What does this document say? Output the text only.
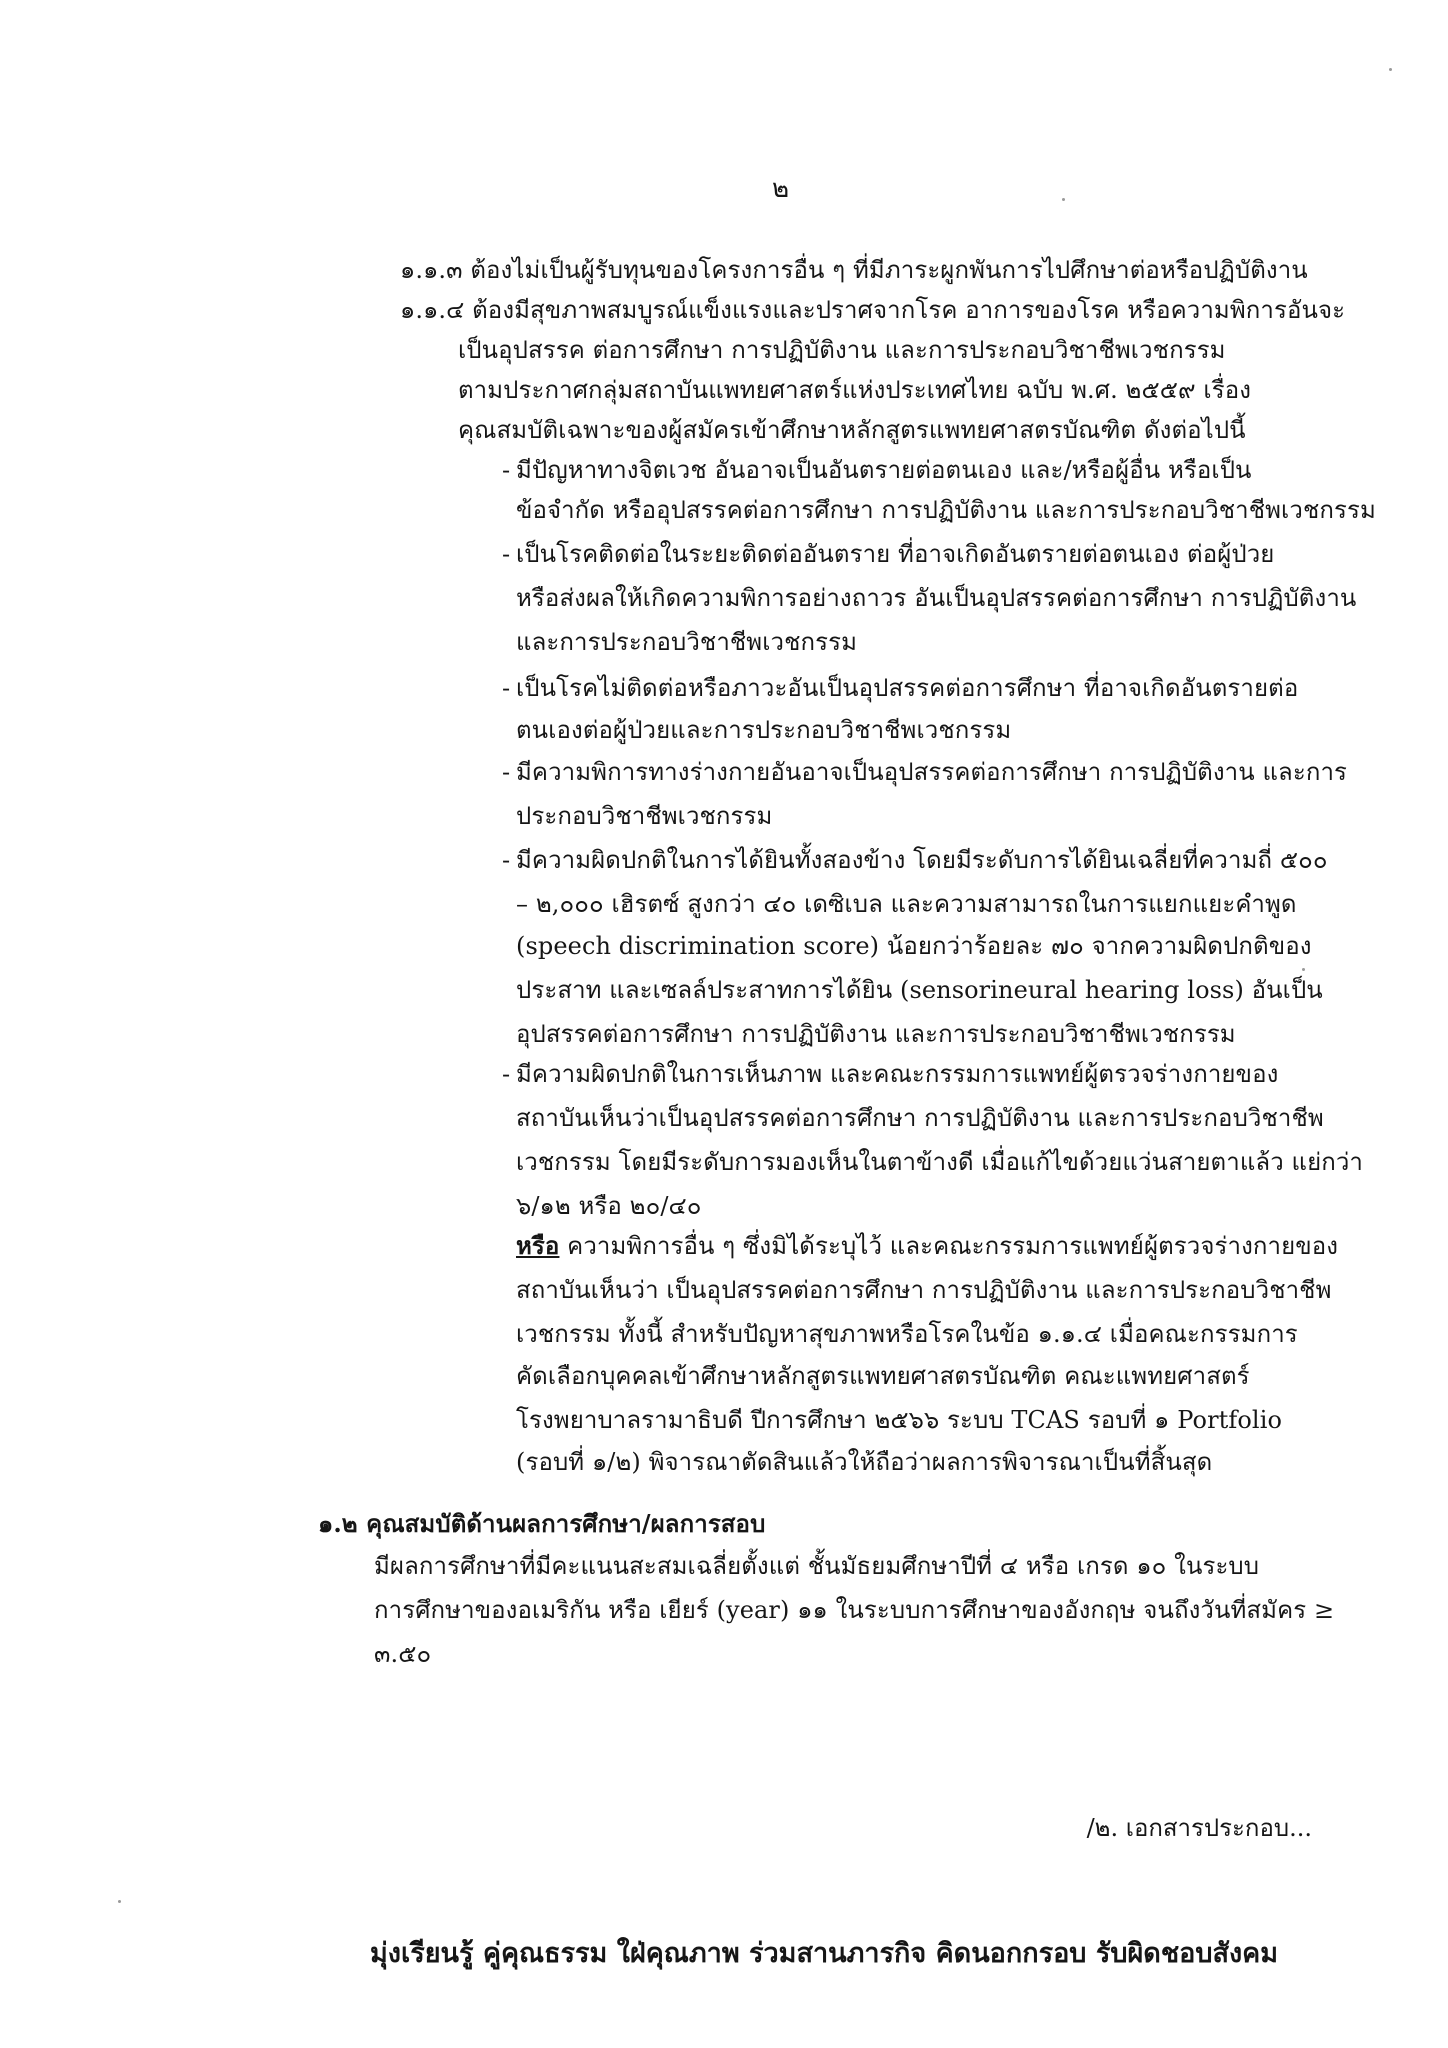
๒
๑.๑.๓ ต้องไม่เป็นผู้รับทุนของโครงการอื่น ๆ ที่มีภาระผูกพันการไปศึกษาต่อหรือปฏิบัติงาน
๑.๑.๔ ต้องมีสุขภาพสมบูรณ์แข็งแรงและปราศจากโรค อาการของโรค หรือความพิการอันจะ
เป็นอุปสรรค ต่อการศึกษา การปฏิบัติงาน และการประกอบวิชาชีพเวชกรรม
ตามประกาศกลุ่มสถาบันแพทยศาสตร์แห่งประเทศไทย ฉบับ พ.ศ. ๒๕๕๙ เรื่อง
คุณสมบัติเฉพาะของผู้สมัครเข้าศึกษาหลักสูตรแพทยศาสตรบัณฑิต ดังต่อไปนี้
- มีปัญหาทางจิตเวช อันอาจเป็นอันตรายต่อตนเอง และ/หรือผู้อื่น หรือเป็น
ข้อจำกัด หรืออุปสรรคต่อการศึกษา การปฏิบัติงาน และการประกอบวิชาชีพเวชกรรม
- เป็นโรคติดต่อในระยะติดต่ออันตราย ที่อาจเกิดอันตรายต่อตนเอง ต่อผู้ป่วย
หรือส่งผลให้เกิดความพิการอย่างถาวร อันเป็นอุปสรรคต่อการศึกษา การปฏิบัติงาน
และการประกอบวิชาชีพเวชกรรม
- เป็นโรคไม่ติดต่อหรือภาวะอันเป็นอุปสรรคต่อการศึกษา ที่อาจเกิดอันตรายต่อ
ตนเองต่อผู้ป่วยและการประกอบวิชาชีพเวชกรรม
- มีความพิการทางร่างกายอันอาจเป็นอุปสรรคต่อการศึกษา การปฏิบัติงาน และการ
ประกอบวิชาชีพเวชกรรม
- มีความผิดปกติในการได้ยินทั้งสองข้าง โดยมีระดับการได้ยินเฉลี่ยที่ความถี่ ๕๐๐
– ๒,๐๐๐ เฮิรตซ์ สูงกว่า ๔๐ เดซิเบล และความสามารถในการแยกแยะคำพูด
(speech discrimination score) น้อยกว่าร้อยละ ๗๐ จากความผิดปกติของ
ประสาท และเซลล์ประสาทการได้ยิน (sensorineural hearing loss) อันเป็น
อุปสรรคต่อการศึกษา การปฏิบัติงาน และการประกอบวิชาชีพเวชกรรม
- มีความผิดปกติในการเห็นภาพ และคณะกรรมการแพทย์ผู้ตรวจร่างกายของ
สถาบันเห็นว่าเป็นอุปสรรคต่อการศึกษา การปฏิบัติงาน และการประกอบวิชาชีพ
เวชกรรม โดยมีระดับการมองเห็นในตาข้างดี เมื่อแก้ไขด้วยแว่นสายตาแล้ว แย่กว่า
๖/๑๒ หรือ ๒๐/๔๐
หรือ ความพิการอื่น ๆ ซึ่งมิได้ระบุไว้ และคณะกรรมการแพทย์ผู้ตรวจร่างกายของ
สถาบันเห็นว่า เป็นอุปสรรคต่อการศึกษา การปฏิบัติงาน และการประกอบวิชาชีพ
เวชกรรม ทั้งนี้ สำหรับปัญหาสุขภาพหรือโรคในข้อ ๑.๑.๔ เมื่อคณะกรรมการ
คัดเลือกบุคคลเข้าศึกษาหลักสูตรแพทยศาสตรบัณฑิต คณะแพทยศาสตร์
โรงพยาบาลรามาธิบดี ปีการศึกษา ๒๕๖๖ ระบบ TCAS รอบที่ ๑ Portfolio
(รอบที่ ๑/๒) พิจารณาตัดสินแล้วให้ถือว่าผลการพิจารณาเป็นที่สิ้นสุด
๑.๒ คุณสมบัติด้านผลการศึกษา/ผลการสอบ
มีผลการศึกษาที่มีคะแนนสะสมเฉลี่ยตั้งแต่ ชั้นมัธยมศึกษาปีที่ ๔ หรือ เกรด ๑๐ ในระบบ
การศึกษาของอเมริกัน หรือ เยียร์ (year) ๑๑ ในระบบการศึกษาของอังกฤษ จนถึงวันที่สมัคร ≥
๓.๕๐
/๒. เอกสารประกอบ...
มุ่งเรียนรู้ คู่คุณธรรม ใฝ่คุณภาพ ร่วมสานภารกิจ คิดนอกกรอบ รับผิดชอบสังคม
